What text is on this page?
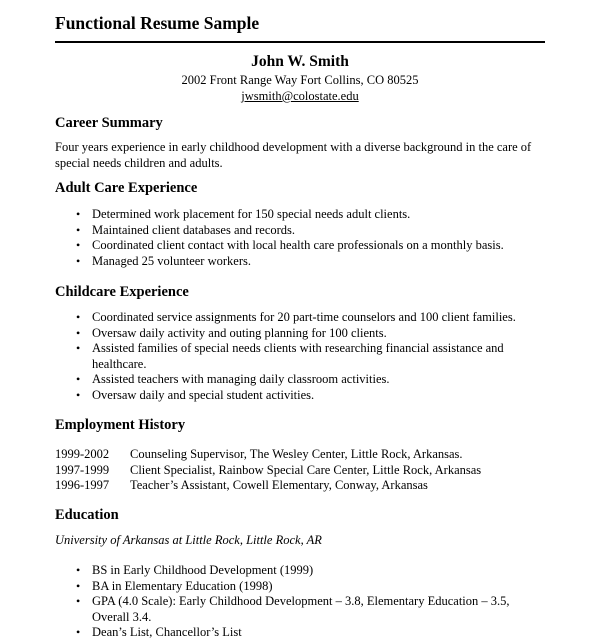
Functional Resume Sample

John W. Smith

2002 Front Range Way Fort Collins, CO 80525

jwsmith@colostate.edu

Career Summary

Four years experience in early childhood development with a diverse background in the care of special needs children and adults.

Adult Care Experience
• Determined work placement for 150 special needs adult clients.
• Maintained client databases and records.
• Coordinated client contact with local health care professionals on a monthly basis.
• Managed 25 volunteer workers.
Childcare Experience
• Coordinated service assignments for 20 part-time counselors and 100 client families.
• Oversaw daily activity and outing planning for 100 clients.
• Assisted families of special needs clients with researching financial assistance and healthcare.
• Assisted teachers with managing daily classroom activities.
• Oversaw daily and special student activities.
Employment History
1999-2002	Counseling Supervisor, The Wesley Center, Little Rock, Arkansas.
1997-1999	Client Specialist, Rainbow Special Care Center, Little Rock, Arkansas
1996-1997	Teacher’s Assistant, Cowell Elementary, Conway, Arkansas
Education

University of Arkansas at Little Rock, Little Rock, AR

• BS in Early Childhood Development (1999)
• BA in Elementary Education (1998)
• GPA (4.0 Scale): Early Childhood Development – 3.8, Elementary Education – 3.5, Overall 3.4.
• Dean’s List, Chancellor’s List
